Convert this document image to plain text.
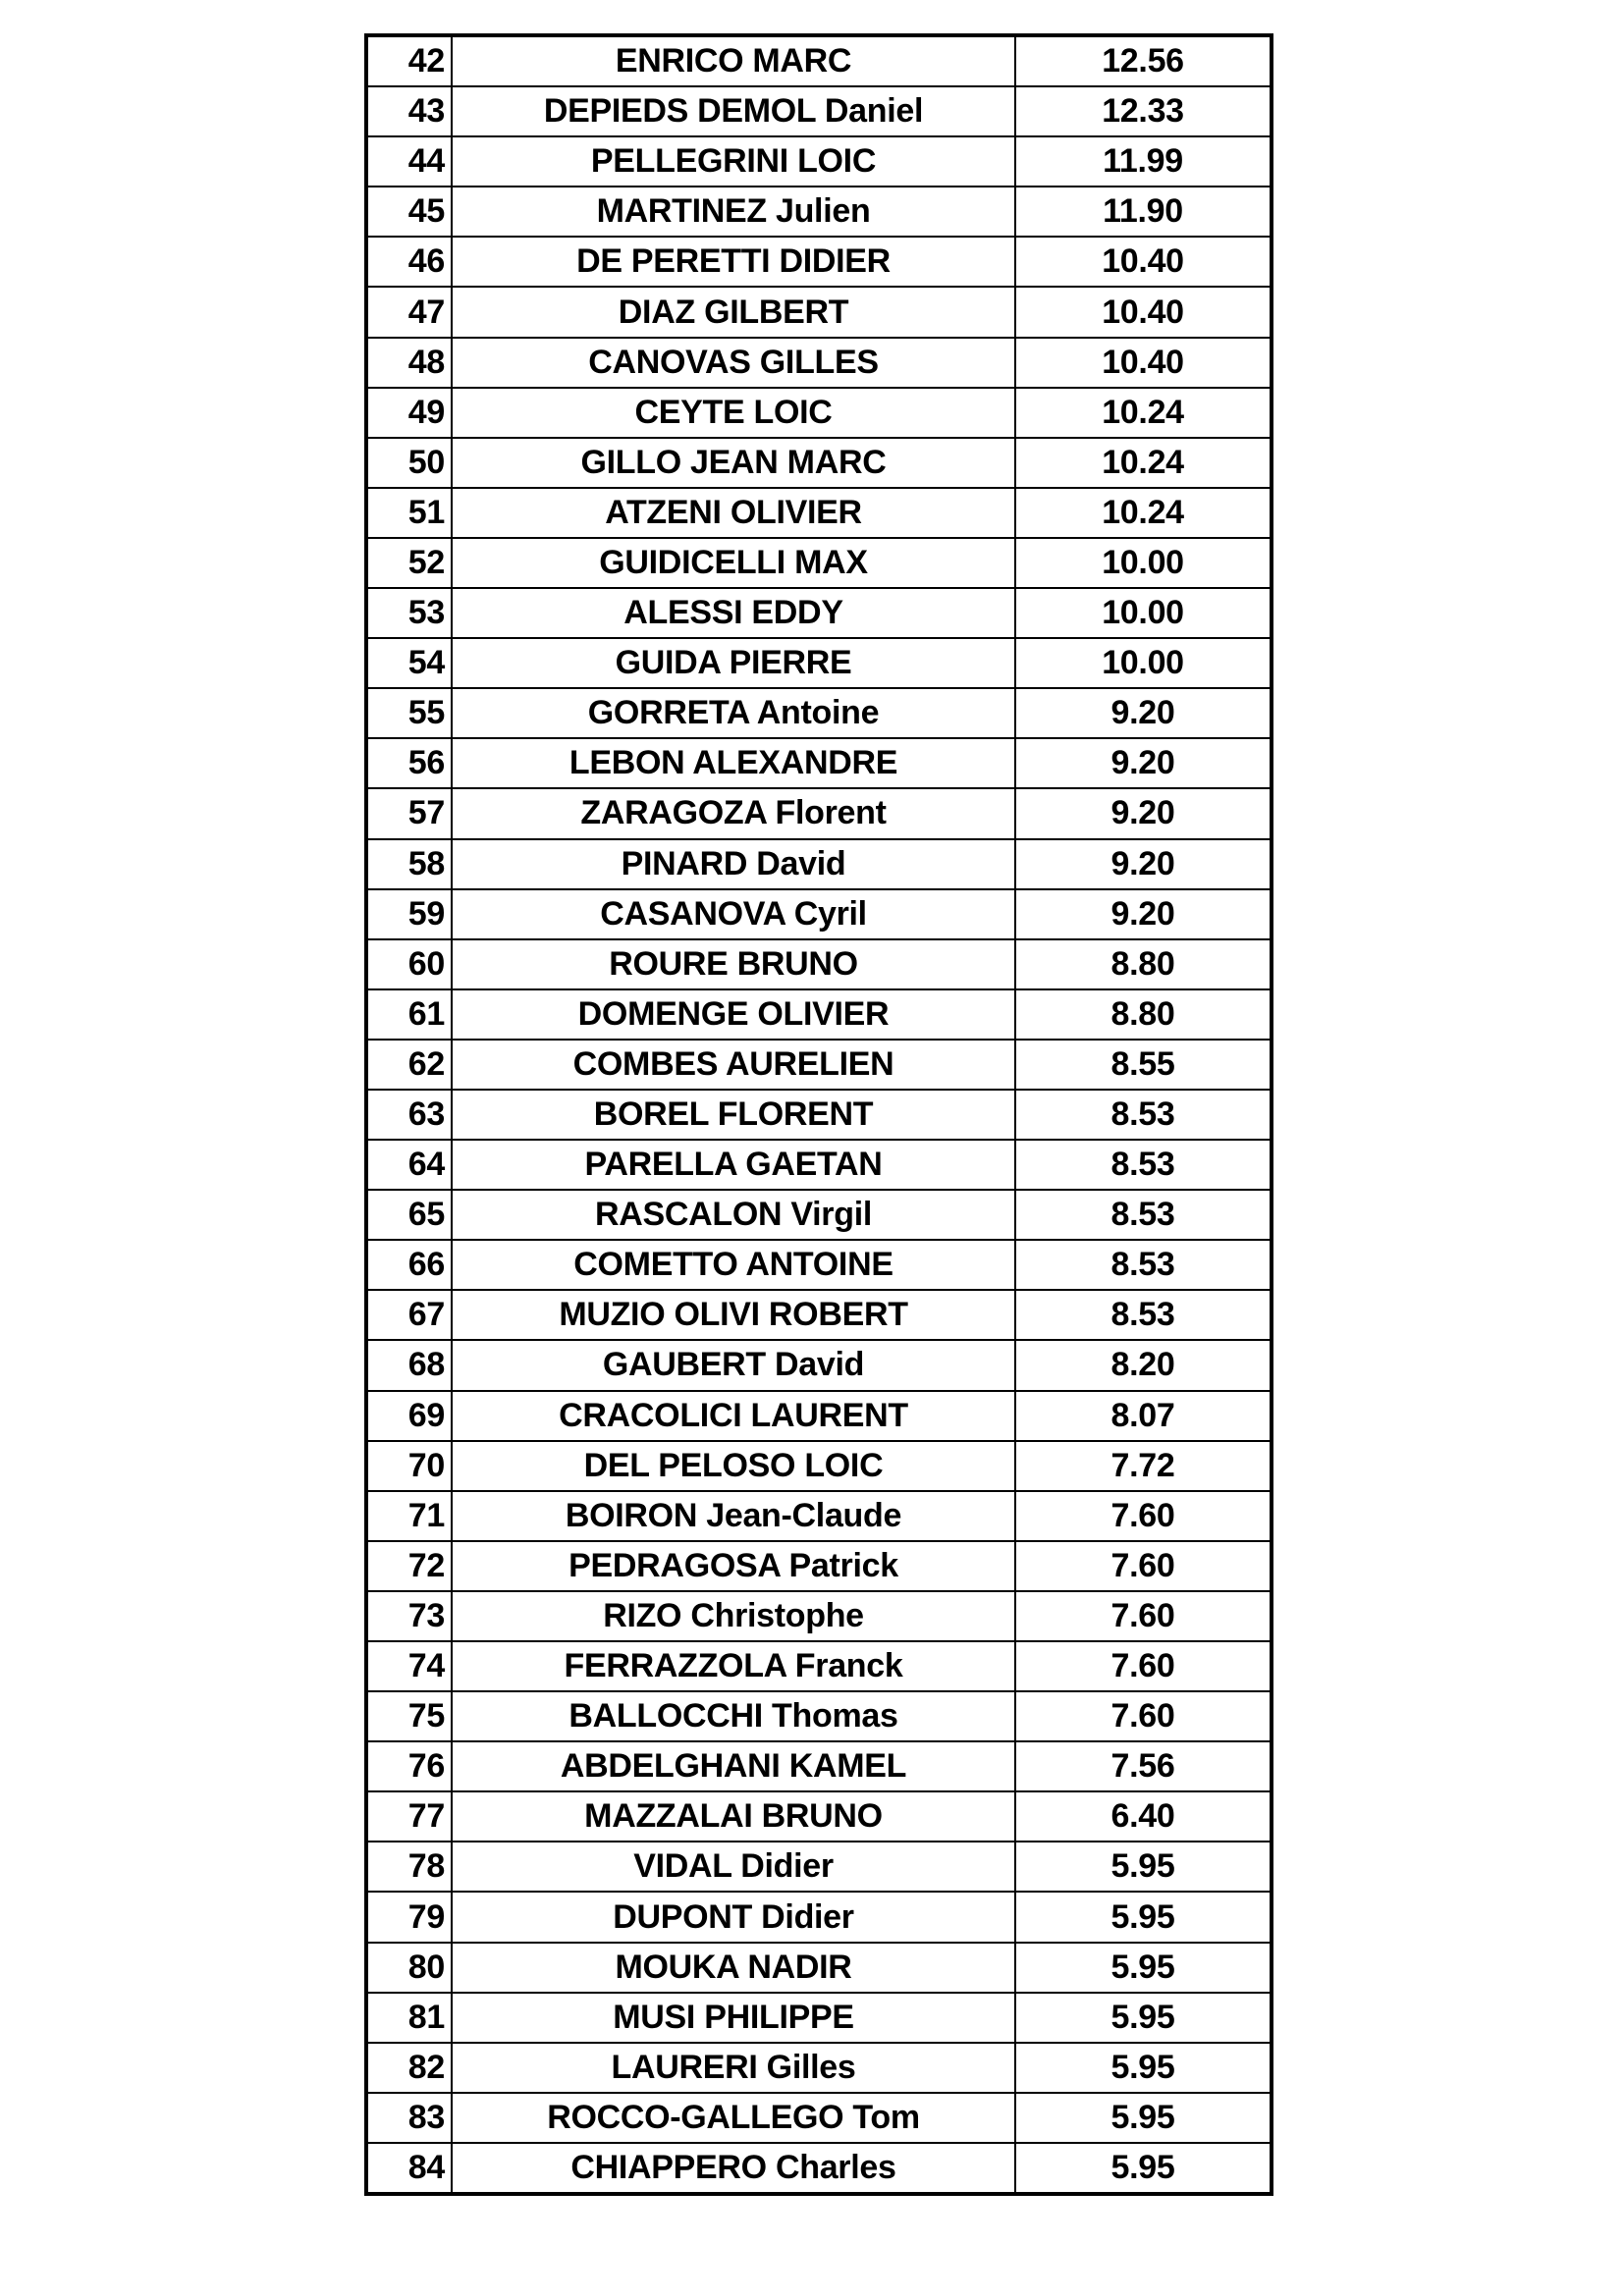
42	ENRICO MARC	12.56
43	DEPIEDS DEMOL Daniel	12.33
44	PELLEGRINI LOIC	11.99
45	MARTINEZ Julien	11.90
46	DE PERETTI DIDIER	10.40
47	DIAZ GILBERT	10.40
48	CANOVAS GILLES	10.40
49	CEYTE LOIC	10.24
50	GILLO JEAN MARC	10.24
51	ATZENI OLIVIER	10.24
52	GUIDICELLI MAX	10.00
53	ALESSI EDDY	10.00
54	GUIDA PIERRE	10.00
55	GORRETA Antoine	9.20
56	LEBON ALEXANDRE	9.20
57	ZARAGOZA Florent	9.20
58	PINARD David	9.20
59	CASANOVA Cyril	9.20
60	ROURE BRUNO	8.80
61	DOMENGE OLIVIER	8.80
62	COMBES AURELIEN	8.55
63	BOREL FLORENT	8.53
64	PARELLA GAETAN	8.53
65	RASCALON Virgil	8.53
66	COMETTO ANTOINE	8.53
67	MUZIO OLIVI ROBERT	8.53
68	GAUBERT David	8.20
69	CRACOLICI LAURENT	8.07
70	DEL PELOSO LOIC	7.72
71	BOIRON Jean-Claude	7.60
72	PEDRAGOSA Patrick	7.60
73	RIZO Christophe	7.60
74	FERRAZZOLA Franck	7.60
75	BALLOCCHI Thomas	7.60
76	ABDELGHANI KAMEL	7.56
77	MAZZALAI BRUNO	6.40
78	VIDAL Didier	5.95
79	DUPONT Didier	5.95
80	MOUKA NADIR	5.95
81	MUSI PHILIPPE	5.95
82	LAURERI Gilles	5.95
83	ROCCO-GALLEGO Tom	5.95
84	CHIAPPERO Charles	5.95
